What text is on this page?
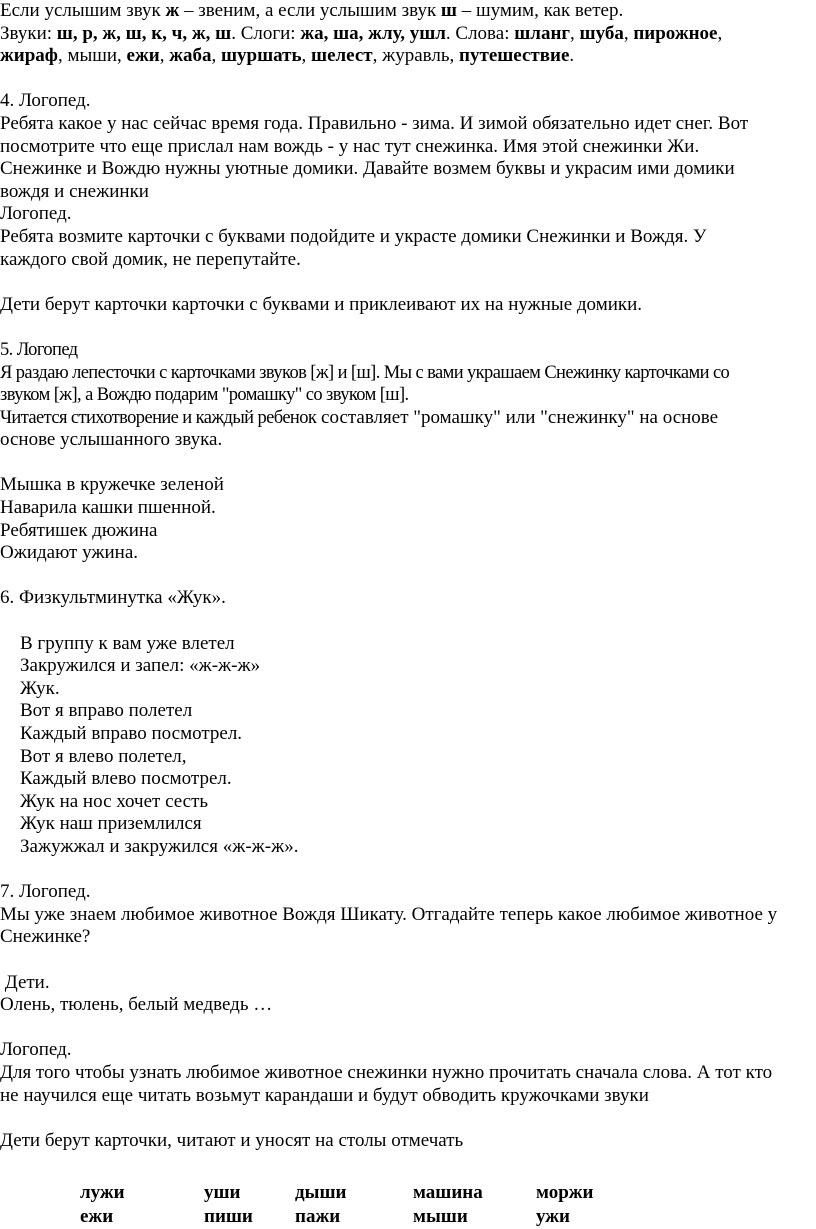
Если услышим звук ж – звеним, а если услышим звук ш – шумим, как ветер.

Звуки: ш, р, ж, ш, к, ч, ж, ш. Слоги: жа, ша, жлу, ушл. Слова: шланг, шуба, пирожное,

жираф, мыши, ежи, жаба, шуршать, шелест, журавль, путешествие.

4. Логопед.

Ребята какое у нас сейчас время года. Правильно - зима. И зимой обязательно идет снег. Вот

посмотрите что еще прислал нам вождь - у нас тут снежинка. Имя этой снежинки Жи.

Снежинке и Вождю нужны уютные домики. Давайте возмем буквы и украсим ими домики

вождя и снежинки

Логопед.

Ребята возмите карточки с буквами подойдите и украсте домики Снежинки и Вождя. У

каждого свой домик, не перепутайте.

Дети берут карточки карточки с буквами и приклеивают их на нужные домики.

5. Логопед

Я раздаю лепесточки с карточками звуков [ж] и [ш]. Мы с вами украшаем Снежинку карточками со

звуком [ж], а Вождю подарим "ромашку" со звуком [ш].

Читается стихотворение и каждый ребенок составляет "ромашку" или "снежинку" на основе

основе услышанного звука.

Мышка в кружечке зеленой

Наварила кашки пшенной.

Ребятишек дюжина

Ожидают ужина.

6. Физкультминутка «Жук».

В группу к вам уже влетел

Закружился и запел: «ж-ж-ж»

Жук.

Вот я вправо полетел

Каждый вправо посмотрел.

Вот я влево полетел,

Каждый влево посмотрел.

Жук на нос хочет сесть

Жук наш приземлился

Зажужжал и закружился «ж-ж-ж».

7. Логопед.

Мы уже знаем любимое животное Вождя Шикату. Отгадайте теперь какое любимое животное у

Снежинке?

Дети.

Олень, тюлень, белый медведь …

Логопед.

Для того чтобы узнать любимое животное снежинки нужно прочитать сначала слова. А тот кто

не научился еще читать возьмут карандаши и будут обводить кружочками звуки

Дети берут карточки, читают и уносят на столы отмечать

лужи	уши	дыши	машина	моржи
ежи	пиши	пажи	мыши	ужи
